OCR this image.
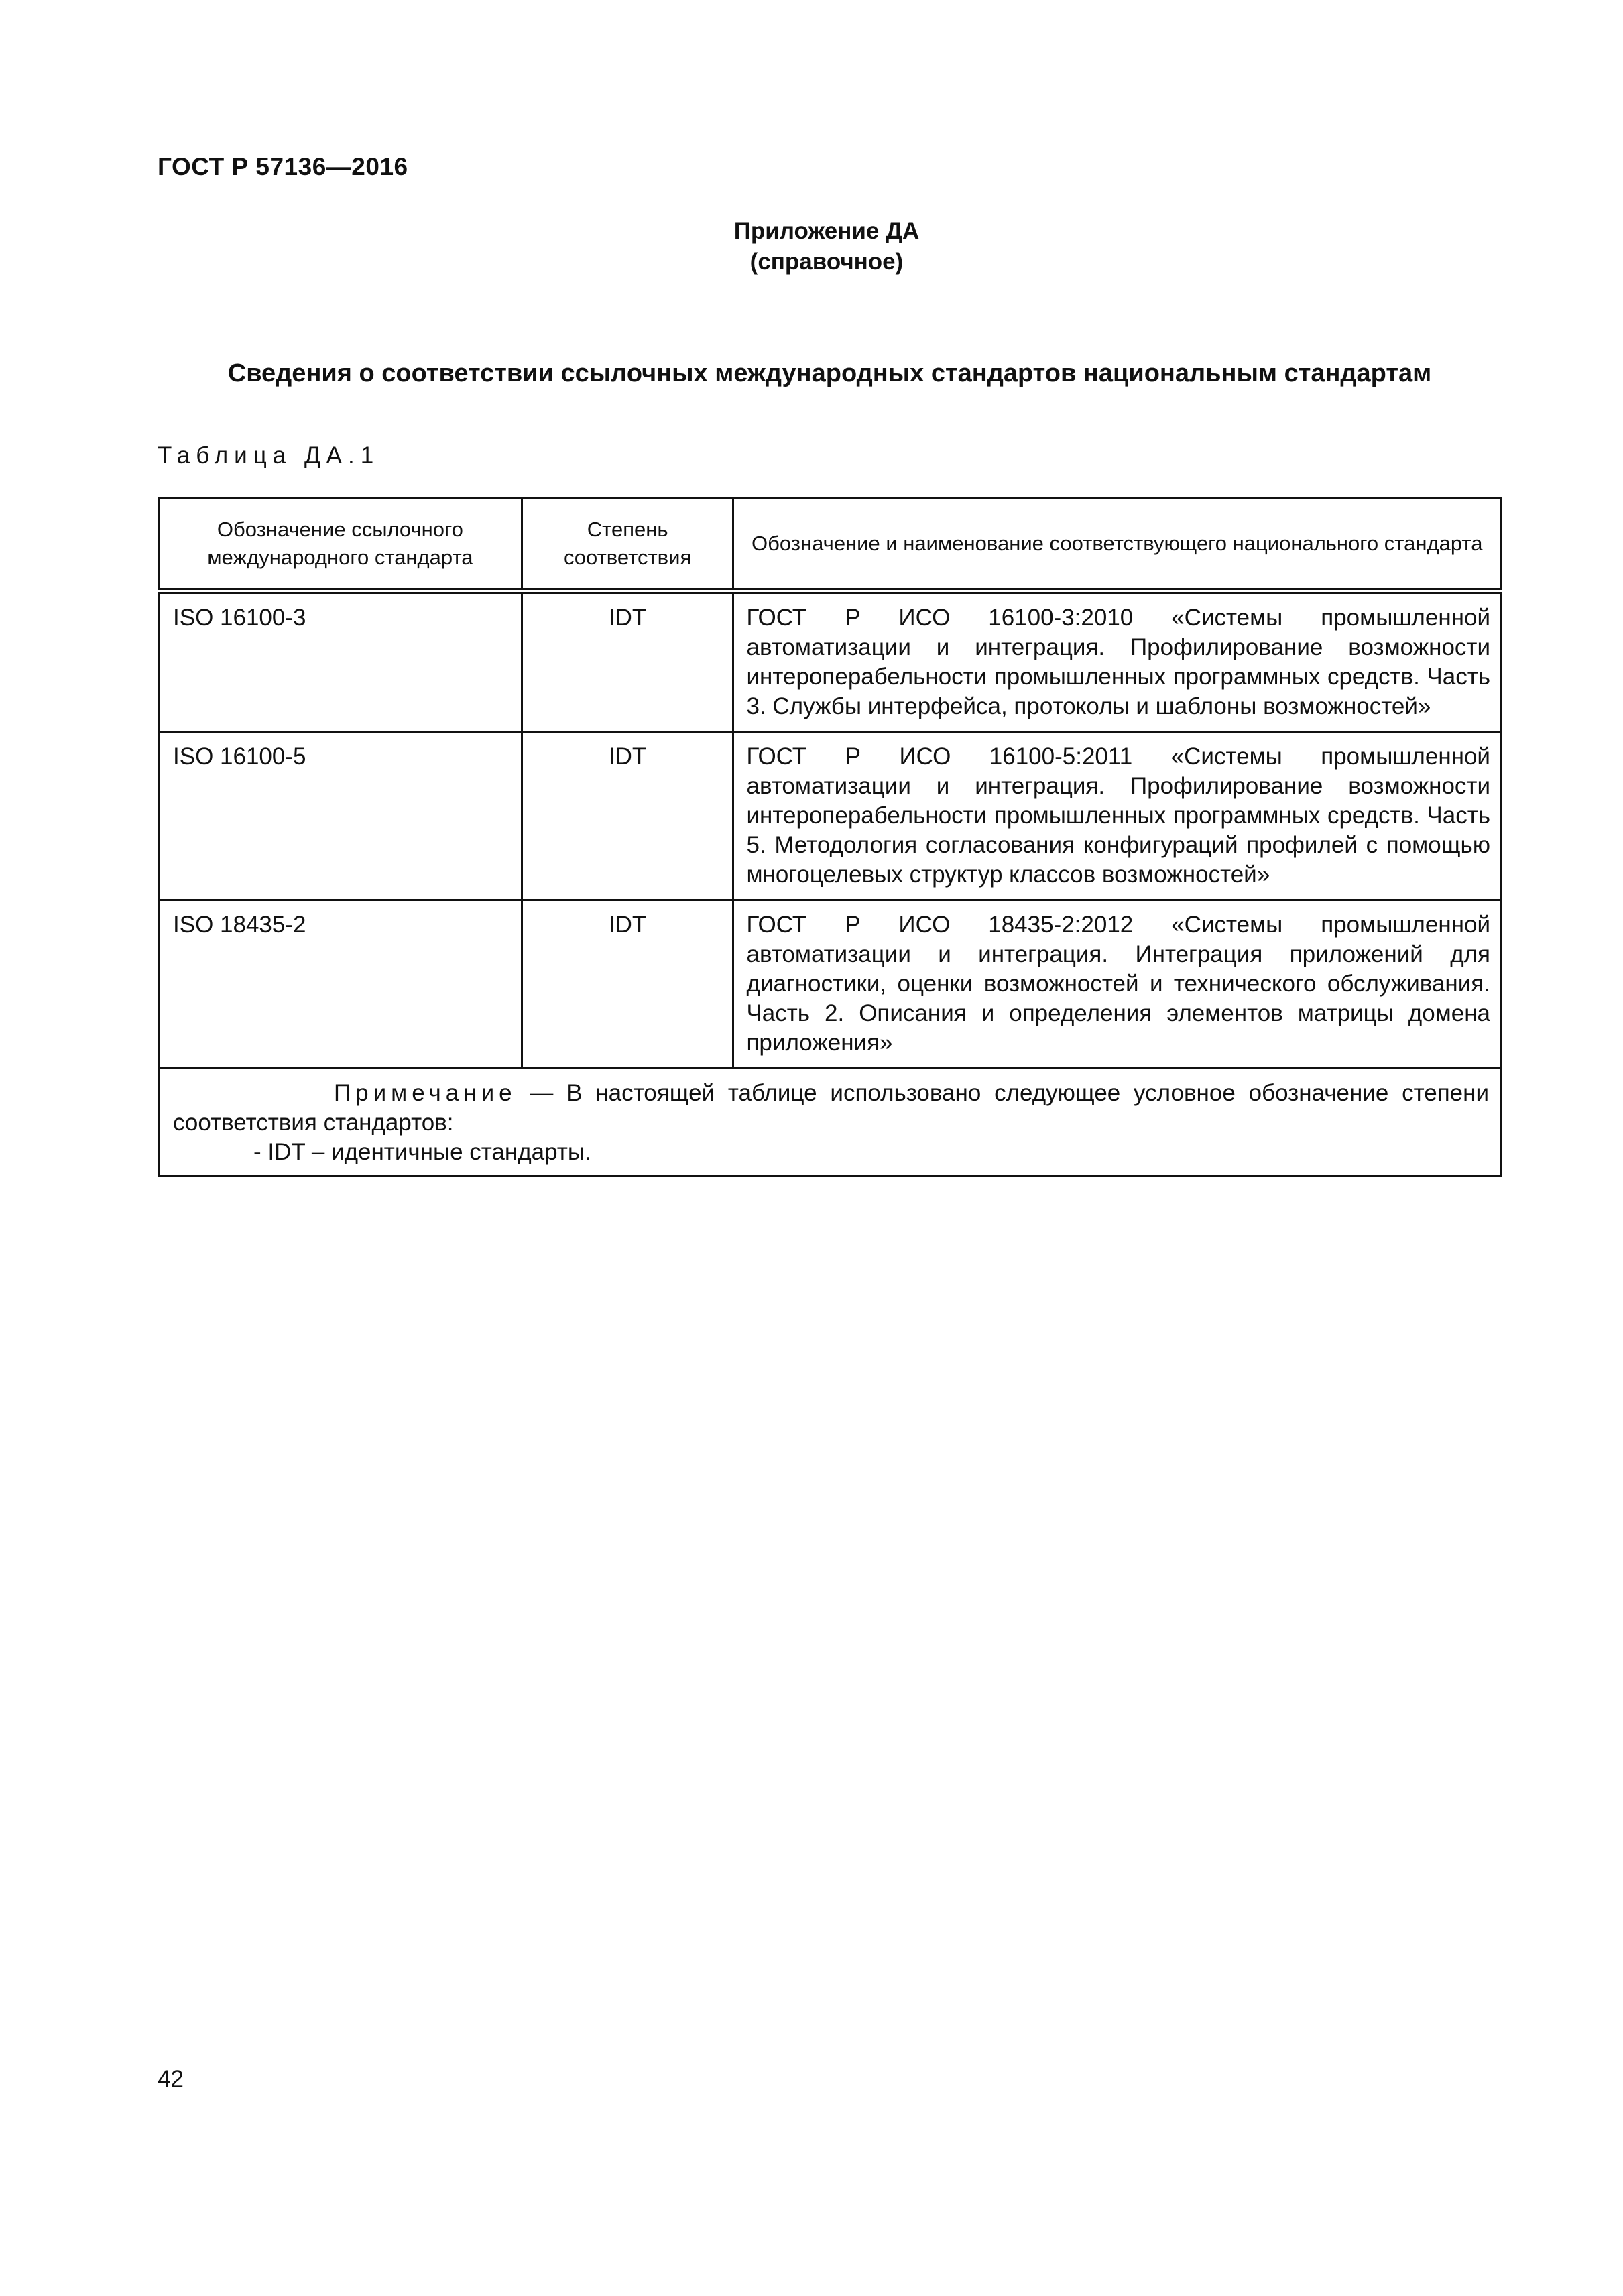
ГОСТ Р 57136—2016
Приложение ДА
(справочное)
Сведения о соответствии ссылочных международных стандартов национальным стандартам
Таблица ДА.1
Обозначение ссылочного международного стандарта	Степень соответствия	Обозначение и наименование соответствующего национального стандарта
ISO 16100-3	IDT	ГОСТ Р ИСО 16100-3:2010 «Системы промышленной автоматизации и интеграция. Профилирование возможности интероперабельности промышленных программных средств. Часть 3. Службы интерфейса, протоколы и шаблоны возможностей»
ISO 16100-5	IDT	ГОСТ Р ИСО 16100-5:2011 «Системы промышленной автоматизации и интеграция. Профилирование возможности интероперабельности промышленных программных средств. Часть 5. Методология согласования конфигураций профилей с помощью многоцелевых структур классов возможностей»
ISO 18435-2	IDT	ГОСТ Р ИСО 18435-2:2012 «Системы промышленной автоматизации и интеграция. Интеграция приложений для диагностики, оценки возможностей и технического обслуживания. Часть 2. Описания и определения элементов матрицы домена приложения»
Примечание — В настоящей таблице использовано следующее условное обозначение степени соответствия стандартов:
- IDT – идентичные стандарты.		
42
